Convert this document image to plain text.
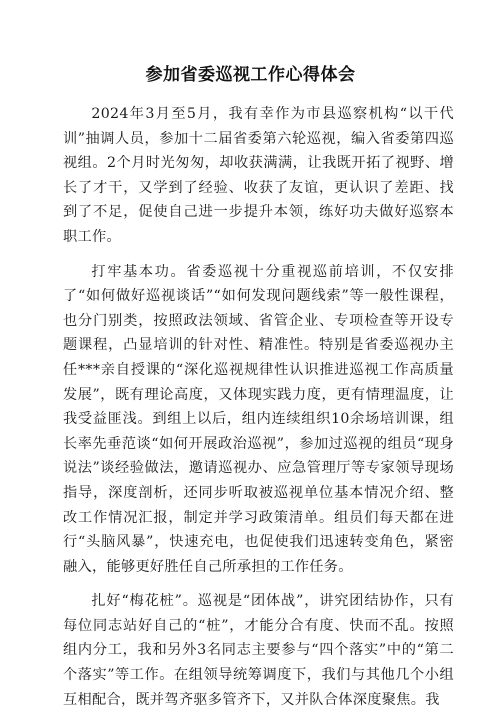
参加省委巡视工作心得体会

2024年3月至5月，我有幸作为市县巡察机构“以干代训”抽调人员，参加十二届省委第六轮巡视，编入省委第四巡视组。2个月时光匆匆，却收获满满，让我既开拓了视野、增长了才干，又学到了经验、收获了友谊，更认识了差距、找到了不足，促使自己进一步提升本领，练好功夫做好巡察本职工作。

打牢基本功。省委巡视十分重视巡前培训，不仅安排了“如何做好巡视谈话”“如何发现问题线索”等一般性课程，也分门别类，按照政法领域、省管企业、专项检查等开设专题课程，凸显培训的针对性、精准性。特别是省委巡视办主任***亲自授课的“深化巡视规律性认识推进巡视工作高质量发展”，既有理论高度，又体现实践力度，更有情理温度，让我受益匪浅。到组上以后，组内连续组织10余场培训课，组长率先垂范谈“如何开展政治巡视”，参加过巡视的组员“现身说法”谈经验做法，邀请巡视办、应急管理厅等专家领导现场指导，深度剖析，还同步听取被巡视单位基本情况介绍、整改工作情况汇报，制定并学习政策清单。组员们每天都在进行“头脑风暴”，快速充电，也促使我们迅速转变角色，紧密融入，能够更好胜任自己所承担的工作任务。

扎好“梅花桩”。巡视是“团体战”，讲究团结协作，只有每位同志站好自己的“桩”，才能分合有度、快而不乱。按照组内分工，我和另外3名同志主要参与“四个落实”中的“第二个落实”等工作。在组领导统筹调度下，我们与其他几个小组互相配合，既并驾齐驱多管齐下，又并队合体深度聚焦。我
